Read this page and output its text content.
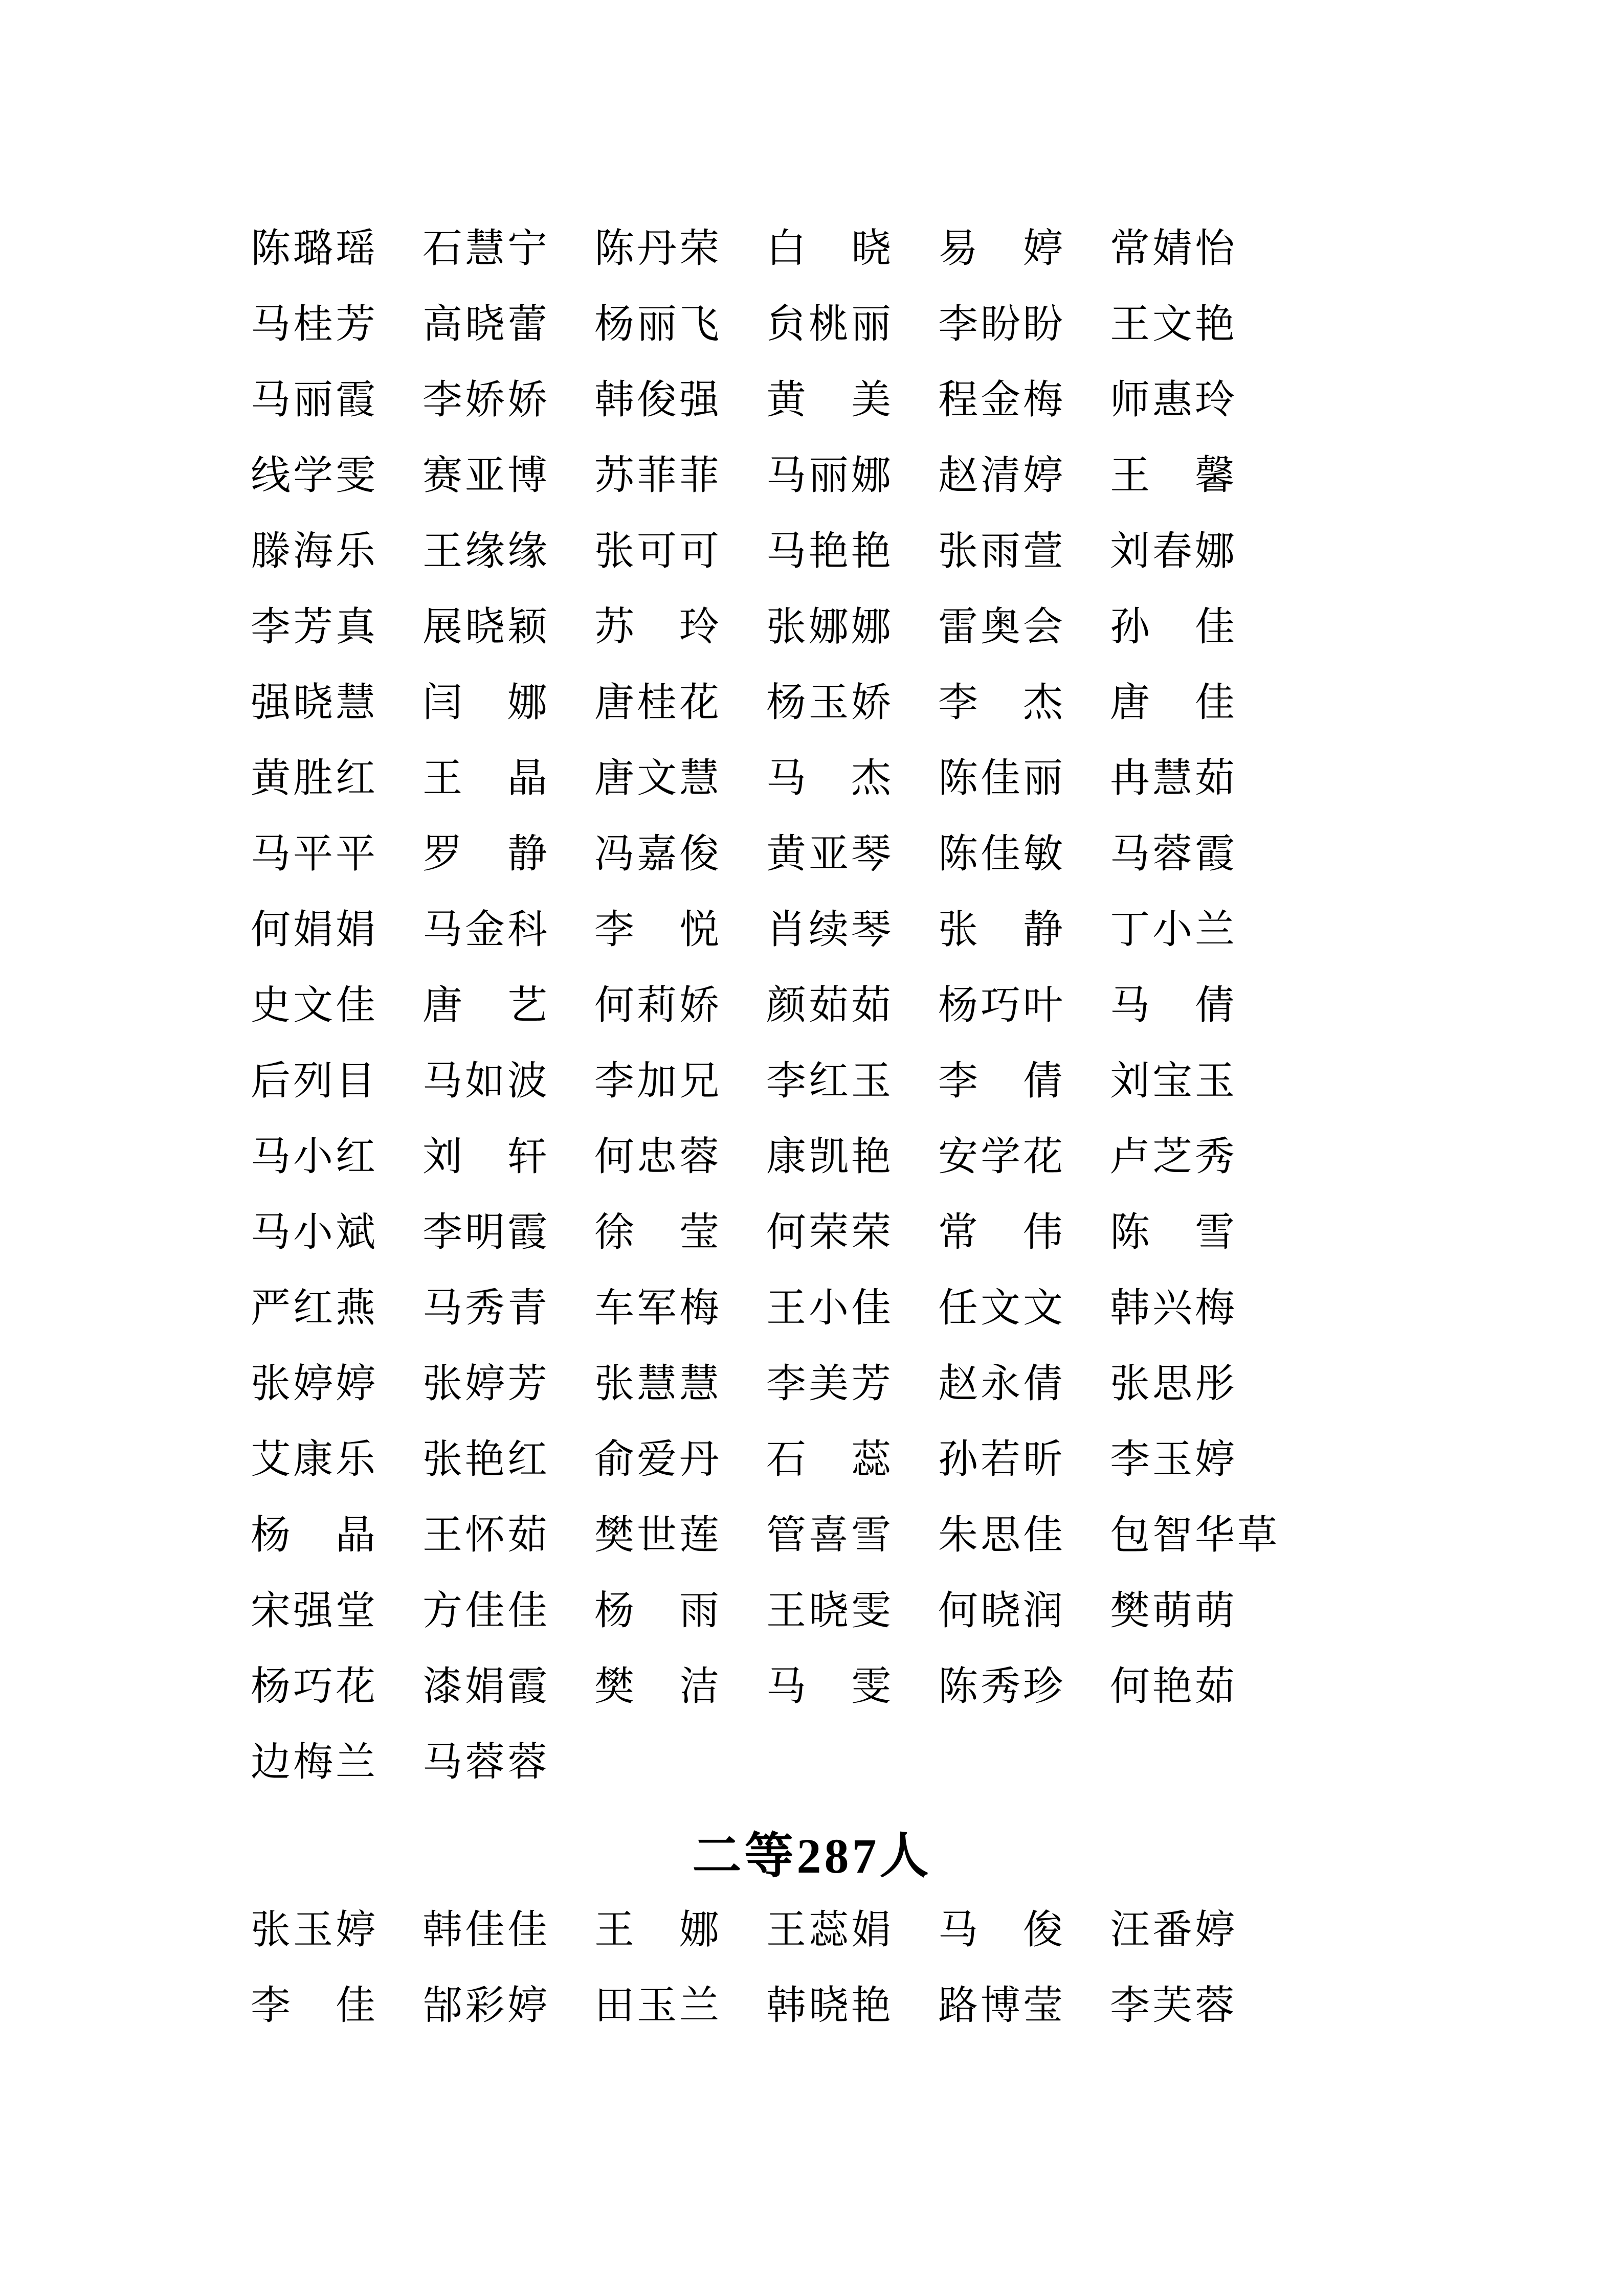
陈璐瑶	石慧宁	陈丹荣	白　晓	易　婷	常婧怡
马桂芳	高晓蕾	杨丽飞	贠桃丽	李盼盼	王文艳
马丽霞	李娇娇	韩俊强	黄　美	程金梅	师惠玲
线学雯	赛亚博	苏菲菲	马丽娜	赵清婷	王　馨
滕海乐	王缘缘	张可可	马艳艳	张雨萱	刘春娜
李芳真	展晓颖	苏　玲	张娜娜	雷奥会	孙　佳
强晓慧	闫　娜	唐桂花	杨玉娇	李　杰	唐　佳
黄胜红	王　晶	唐文慧	马　杰	陈佳丽	冉慧茹
马平平	罗　静	冯嘉俊	黄亚琴	陈佳敏	马蓉霞
何娟娟	马金科	李　悦	肖续琴	张　静	丁小兰
史文佳	唐　艺	何莉娇	颜茹茹	杨巧叶	马　倩
后列目	马如波	李加兄	李红玉	李　倩	刘宝玉
马小红	刘　轩	何忠蓉	康凯艳	安学花	卢芝秀
马小斌	李明霞	徐　莹	何荣荣	常　伟	陈　雪
严红燕	马秀青	车军梅	王小佳	任文文	韩兴梅
张婷婷	张婷芳	张慧慧	李美芳	赵永倩	张思彤
艾康乐	张艳红	俞爱丹	石　蕊	孙若昕	李玉婷
杨　晶	王怀茹	樊世莲	管喜雪	朱思佳	包智华草
宋强堂	方佳佳	杨　雨	王晓雯	何晓润	樊萌萌
杨巧花	漆娟霞	樊　洁	马　雯	陈秀珍	何艳茹
边梅兰	马蓉蓉
二等287人
张玉婷	韩佳佳	王　娜	王蕊娟	马　俊	汪番婷
李　佳	郜彩婷	田玉兰	韩晓艳	路博莹	李芙蓉
